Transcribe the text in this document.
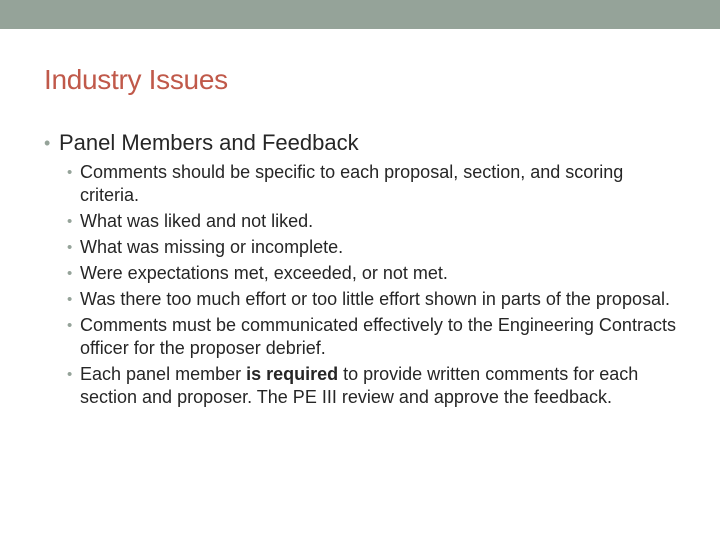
Industry Issues
• Panel Members and Feedback
• Comments should be specific to each proposal, section, and scoring criteria.
• What was liked and not liked.
• What was missing or incomplete.
• Were expectations met, exceeded, or not met.
• Was there too much effort or too little effort shown in parts of the proposal.
• Comments must be communicated effectively to the Engineering Contracts officer for the proposer debrief.
• Each panel member is required to provide written comments for each section and proposer. The PE III review and approve the feedback.
